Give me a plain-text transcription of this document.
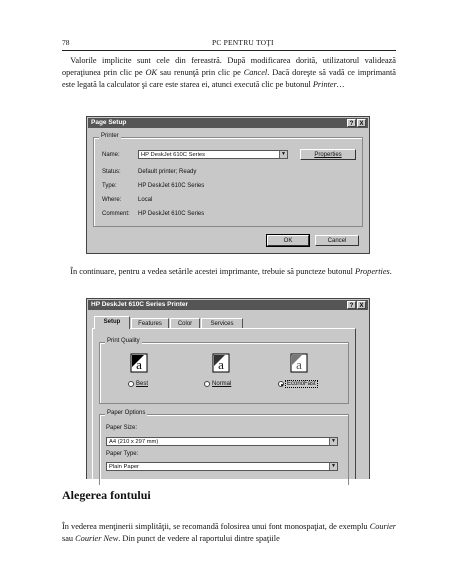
78	PC PENTRU TOŢI

 Valorile implicite sunt cele din fereastră. După modificarea dorită, utilizatorul validează operaţiunea prin clic pe OK sau renunţă prin clic pe Cancel. Dacă doreşte să vadă ce imprimantă este legată la calculator şi care este starea ei, atunci execută clic pe butonul Printer…

Page Setup	?	X
Printer
Name:	HP DeskJet 610C Series	▼	Properties
Status:	Default printer; Ready
Type:	HP DeskJet 610C Series
Where:	Local
Comment: HP DeskJet 610C Series
OK	Cancel

 În continuare, pentru a vedea setările acestei imprimante, trebuie să puncteze butonul Properties.

HP DeskJet 610C Series Printer	?	X
Setup	Features	Color	Services
Print Quality
a	a	a
Best	Normal	EconoFast
Paper Options
Paper Size:
A4 (210 x 297 mm)	▼
Paper Type:
Plain Paper	▼
Alegerea fontului

În vederea menţinerii simplităţii, se recomandă folosirea unui font monospaţiat, de exemplu Courier sau Courier New. Din punct de vedere al raportului dintre spaţiile
